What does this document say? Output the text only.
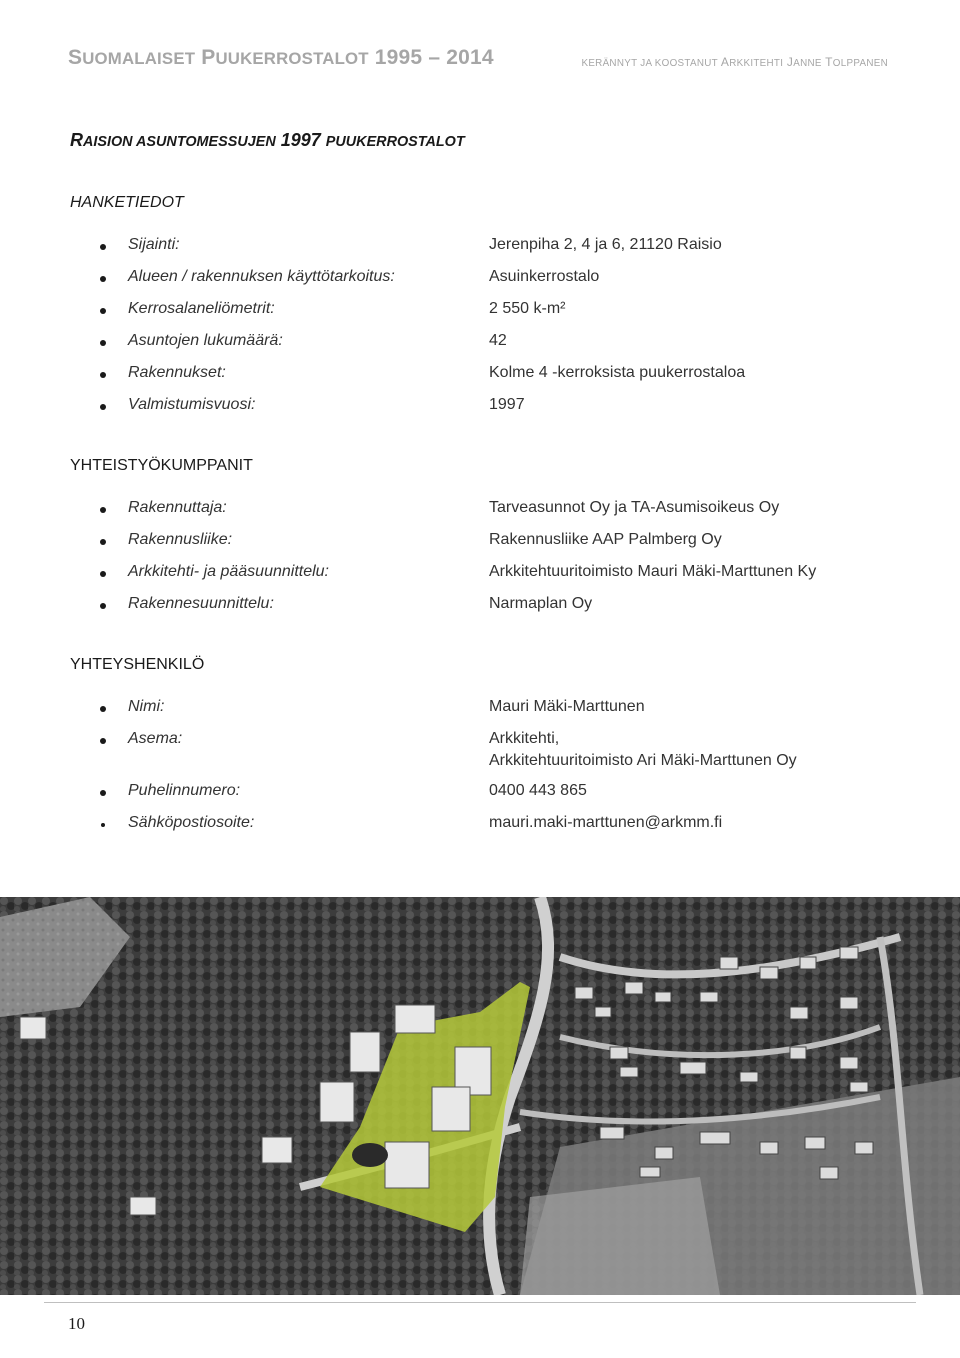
SUOMALAISET PUUKERROSTALOT 1995 – 2014	KERÄNNYT JA KOOSTANUT ARKKITEHTI JANNE TOLPPANEN
RAISION ASUNTOMESSUJEN 1997 PUUKERROSTALOT
HANKETIEDOT
Sijainti:	Jerenpiha 2, 4 ja 6, 21120 Raisio
Alueen / rakennuksen käyttötarkoitus:	Asuinkerrostalo
Kerrosalaneliömetrit:	2 550 k-m²
Asuntojen lukumäärä:	42
Rakennukset:	Kolme 4 -kerroksista puukerrostaloa
Valmistumisvuosi:	1997
YHTEISTYÖKUMPPANIT
Rakennuttaja:	Tarveasunnot Oy ja TA-Asumisoikeus Oy
Rakennusliike:	Rakennusliike AAP Palmberg Oy
Arkkitehti- ja pääsuunnittelu:	Arkkitehtuuritoimisto Mauri Mäki-Marttunen Ky
Rakennesuunnittelu:	Narmaplan Oy
YHTEYSHENKILÖ
Nimi:	Mauri Mäki-Marttunen
Asema:	Arkkitehti,
Arkkitehtuuritoimisto Ari Mäki-Marttunen Oy
Puhelinnumero:	0400 443 865
Sähköpostiosoite:	mauri.maki-marttunen@arkmm.fi
10
